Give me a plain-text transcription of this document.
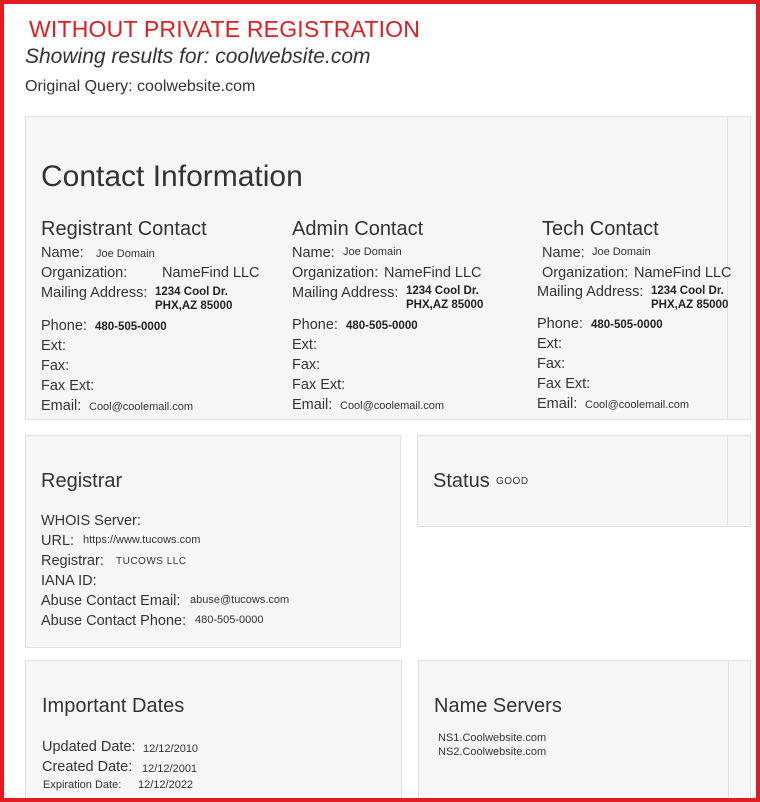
WITHOUT PRIVATE REGISTRATION
Showing results for: coolwebsite.com
Original Query: coolwebsite.com
Contact Information
Registrant Contact
Name: Joe Domain
Organization: NameFind LLC
Mailing Address: 1234 Cool Dr.
PHX,AZ 85000
Phone: 480-505-0000
Ext:
Fax:
Fax Ext:
Email: Cool@coolemail.com
Admin Contact
Name: Joe Domain
Organization: NameFind LLC
Mailing Address: 1234 Cool Dr.
PHX,AZ 85000
Phone: 480-505-0000
Ext:
Fax:
Fax Ext:
Email: Cool@coolemail.com
Tech Contact
Name: Joe Domain
Organization: NameFind LLC
Mailing Address: 1234 Cool Dr.
PHX,AZ 85000
Phone: 480-505-0000
Ext:
Fax:
Fax Ext:
Email: Cool@coolemail.com
Registrar
WHOIS Server:
URL: https://www.tucows.com
Registrar: TUCOWS LLC
IANA ID:
Abuse Contact Email: abuse@tucows.com
Abuse Contact Phone: 480-505-0000
Status GOOD
Important Dates
Updated Date: 12/12/2010
Created Date: 12/12/2001
Expiration Date: 12/12/2022
Name Servers
NS1.Coolwebsite.com
NS2.Coolwebsite.com
